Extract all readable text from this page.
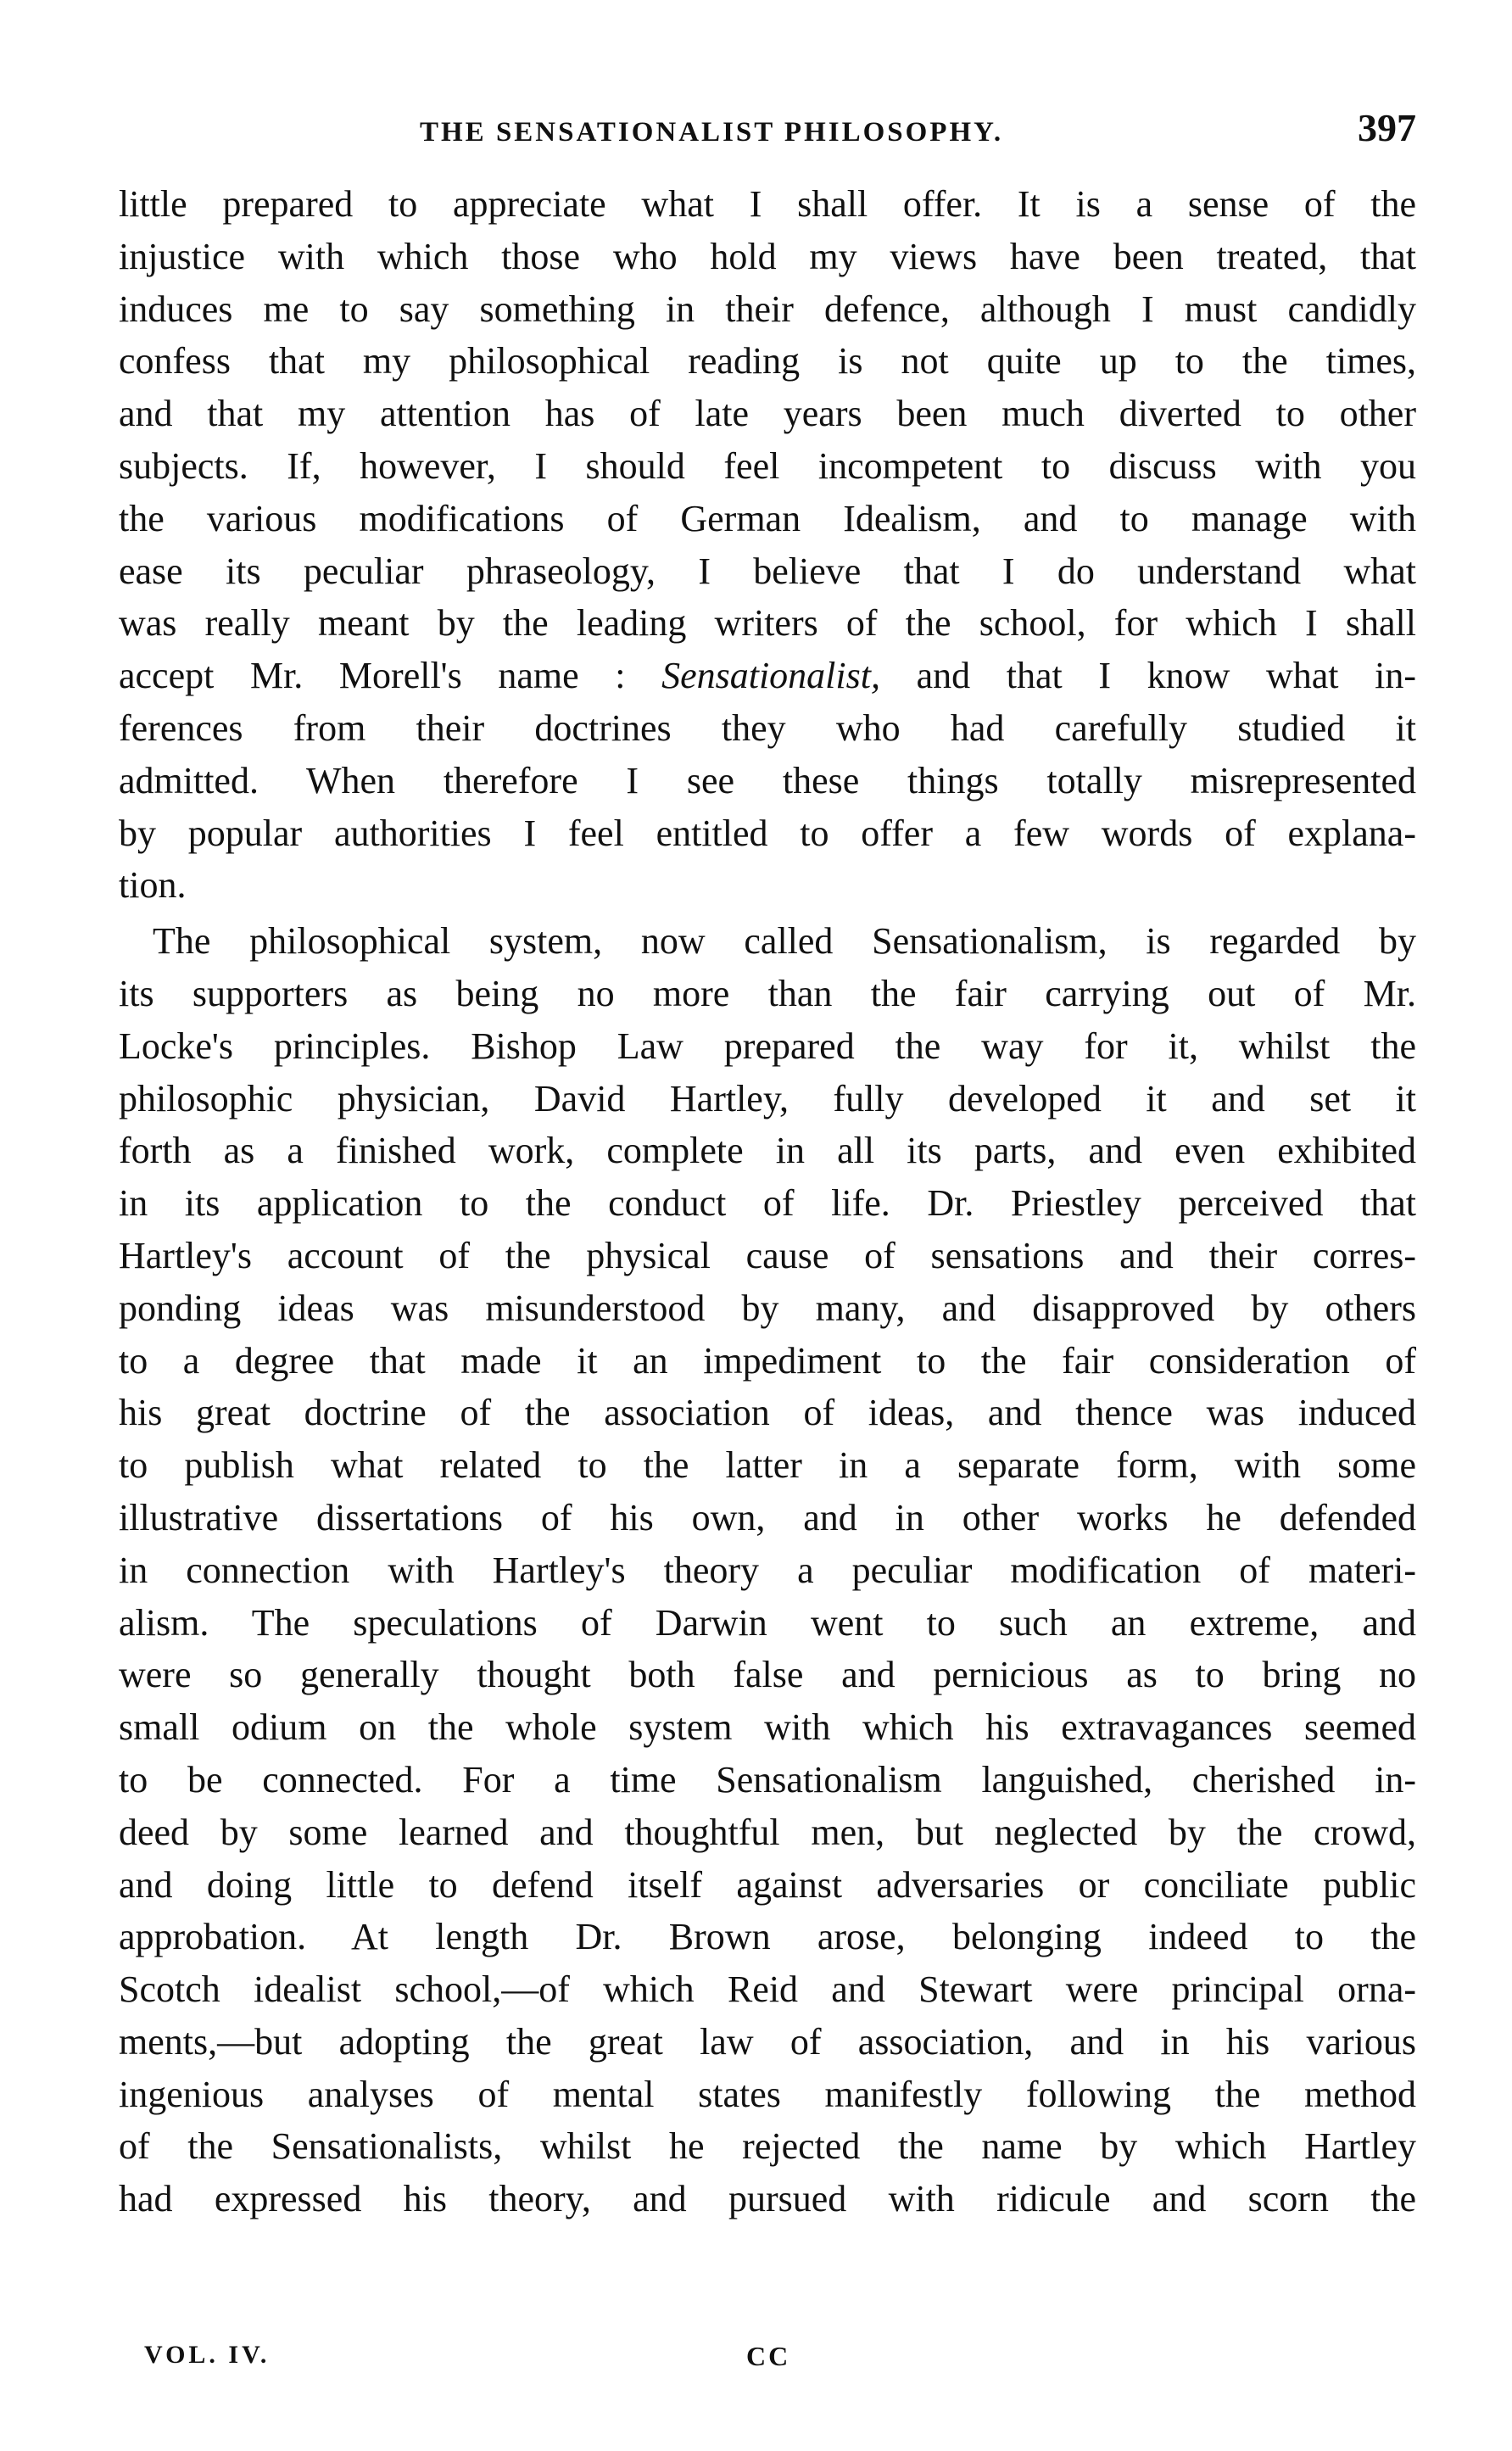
THE SENSATIONALIST PHILOSOPHY.	397
little prepared to appreciate what I shall offer. It is a sense of the
injustice with which those who hold my views have been treated, that
induces me to say something in their defence, although I must candidly
confess that my philosophical reading is not quite up to the times,
and that my attention has of late years been much diverted to other
subjects. If, however, I should feel incompetent to discuss with you
the various modifications of German Idealism, and to manage with
ease its peculiar phraseology, I believe that I do understand what
was really meant by the leading writers of the school, for which I shall
accept Mr. Morell's name : Sensationalist, and that I know what in-
ferences from their doctrines they who had carefully studied it
admitted. When therefore I see these things totally misrepresented
by popular authorities I feel entitled to offer a few words of explana-
tion.
The philosophical system, now called Sensationalism, is regarded by
its supporters as being no more than the fair carrying out of Mr.
Locke's principles. Bishop Law prepared the way for it, whilst the
philosophic physician, David Hartley, fully developed it and set it
forth as a finished work, complete in all its parts, and even exhibited
in its application to the conduct of life. Dr. Priestley perceived that
Hartley's account of the physical cause of sensations and their corres-
ponding ideas was misunderstood by many, and disapproved by others
to a degree that made it an impediment to the fair consideration of
his great doctrine of the association of ideas, and thence was induced
to publish what related to the latter in a separate form, with some
illustrative dissertations of his own, and in other works he defended
in connection with Hartley's theory a peculiar modification of materi-
alism. The speculations of Darwin went to such an extreme, and
were so generally thought both false and pernicious as to bring no
small odium on the whole system with which his extravagances seemed
to be connected. For a time Sensationalism languished, cherished in-
deed by some learned and thoughtful men, but neglected by the crowd,
and doing little to defend itself against adversaries or conciliate public
approbation. At length Dr. Brown arose, belonging indeed to the
Scotch idealist school,—of which Reid and Stewart were principal orna-
ments,—but adopting the great law of association, and in his various
ingenious analyses of mental states manifestly following the method
of the Sensationalists, whilst he rejected the name by which Hartley
had expressed his theory, and pursued with ridicule and scorn the
VOL. IV.	CC
